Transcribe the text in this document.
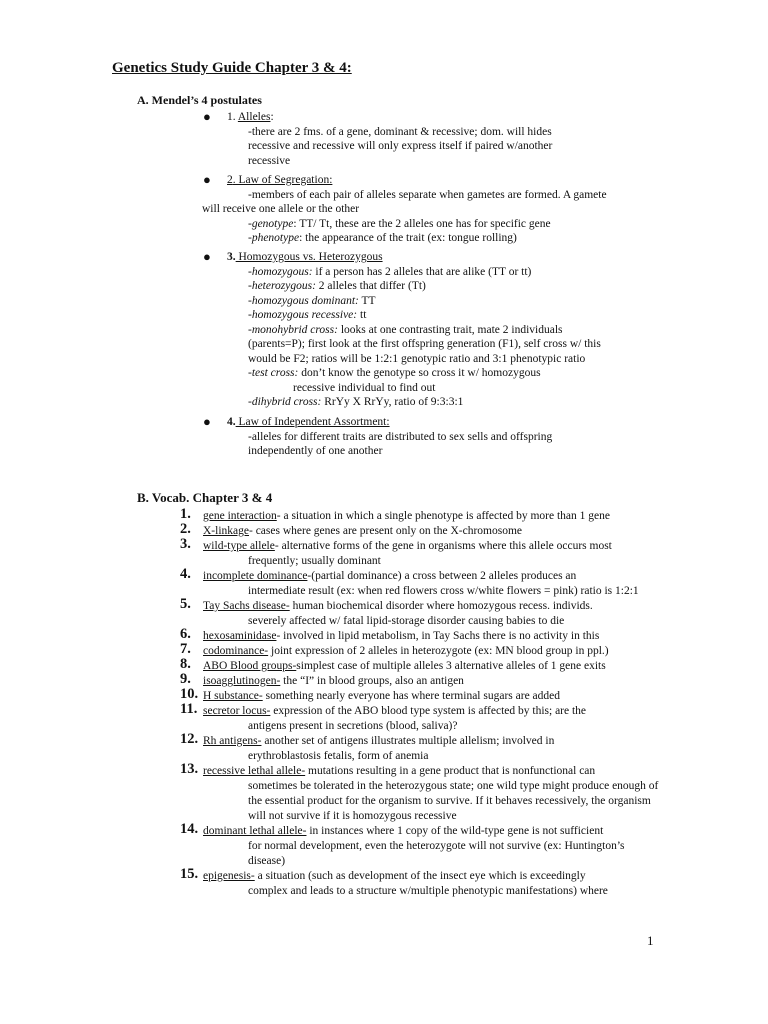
Genetics Study Guide Chapter 3 & 4:
A. Mendel’s 4 postulates
● 1. Alleles:
-there are 2 fms. of a gene, dominant & recessive; dom. will hides
recessive and recessive will only express itself if paired w/another
recessive
● 2. Law of Segregation:
-members of each pair of alleles separate when gametes are formed. A gamete
will receive one allele or the other
-genotype: TT/ Tt, these are the 2 alleles one has for specific gene
-phenotype: the appearance of the trait (ex: tongue rolling)
● 3. Homozygous vs. Heterozygous
-homozygous: if a person has 2 alleles that are alike (TT or tt)
-heterozygous: 2 alleles that differ (Tt)
-homozygous dominant: TT
-homozygous recessive: tt
-monohybrid cross: looks at one contrasting trait, mate 2 individuals
(parents=P); first look at the first offspring generation (F1), self cross w/ this
would be F2; ratios will be 1:2:1 genotypic ratio and 3:1 phenotypic ratio
-test cross: don’t know the genotype so cross it w/ homozygous
recessive individual to find out
-dihybrid cross: RrYy X RrYy, ratio of 9:3:3:1
● 4. Law of Independent Assortment:
-alleles for different traits are distributed to sex sells and offspring
independently of one another
B. Vocab. Chapter 3 & 4
1. gene interaction- a situation in which a single phenotype is affected by more than 1 gene
2. X-linkage- cases where genes are present only on the X-chromosome
3. wild-type allele- alternative forms of the gene in organisms where this allele occurs most
frequently; usually dominant
4. incomplete dominance-(partial dominance) a cross between 2 alleles produces an
intermediate result (ex: when red flowers cross w/white flowers = pink) ratio is 1:2:1
5. Tay Sachs disease- human biochemical disorder where homozygous recess. individs.
severely affected w/ fatal lipid-storage disorder causing babies to die
6. hexosaminidase- involved in lipid metabolism, in Tay Sachs there is no activity in this
7. codominance- joint expression of 2 alleles in heterozygote (ex: MN blood group in ppl.)
8. ABO Blood groups-simplest case of multiple alleles 3 alternative alleles of 1 gene exits
9. isoagglutinogen- the “I” in blood groups, also an antigen
10. H substance- something nearly everyone has where terminal sugars are added
11. secretor locus- expression of the ABO blood type system is affected by this; are the
antigens present in secretions (blood, saliva)?
12. Rh antigens- another set of antigens illustrates multiple allelism; involved in
erythroblastosis fetalis, form of anemia
13. recessive lethal allele- mutations resulting in a gene product that is nonfunctional can
sometimes be tolerated in the heterozygous state; one wild type might produce enough of the essential product for the organism to survive. If it behaves recessively, the organism will not survive if it is homozygous recessive
14. dominant lethal allele- in instances where 1 copy of the wild-type gene is not sufficient
for normal development, even the heterozygote will not survive (ex: Huntington’s disease)
15. epigenesis- a situation (such as development of the insect eye which is exceedingly
complex and leads to a structure w/multiple phenotypic manifestations) where
1
